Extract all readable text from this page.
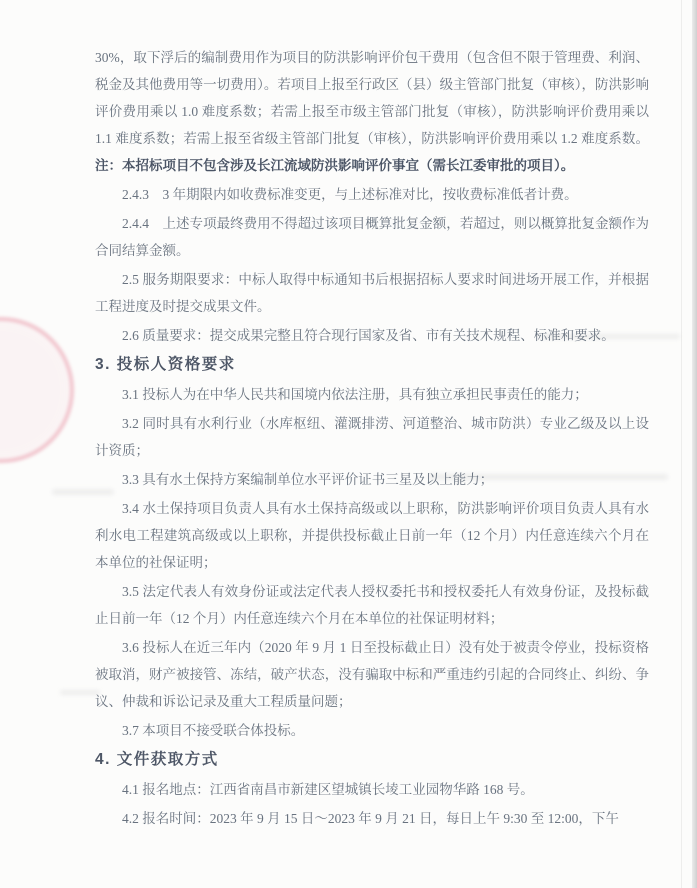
30%，取下浮后的编制费用作为项目的防洪影响评价包干费用（包含但不限于管理费、利润、税金及其他费用等一切费用）。若项目上报至行政区（县）级主管部门批复（审核），防洪影响评价费用乘以 1.0 难度系数；若需上报至市级主管部门批复（审核），防洪影响评价费用乘以 1.1 难度系数；若需上报至省级主管部门批复（审核），防洪影响评价费用乘以 1.2 难度系数。注：本招标项目不包含涉及长江流域防洪影响评价事宜（需长江委审批的项目）。

2.4.3　3 年期限内如收费标准变更，与上述标准对比，按收费标准低者计费。

2.4.4　上述专项最终费用不得超过该项目概算批复金额，若超过，则以概算批复金额作为合同结算金额。

2.5 服务期限要求：中标人取得中标通知书后根据招标人要求时间进场开展工作，并根据工程进度及时提交成果文件。

2.6 质量要求：提交成果完整且符合现行国家及省、市有关技术规程、标准和要求。

3. 投标人资格要求

3.1 投标人为在中华人民共和国境内依法注册，具有独立承担民事责任的能力；

3.2 同时具有水利行业（水库枢纽、灌溉排涝、河道整治、城市防洪）专业乙级及以上设计资质；

3.3 具有水土保持方案编制单位水平评价证书三星及以上能力；

3.4 水土保持项目负责人具有水土保持高级或以上职称，防洪影响评价项目负责人具有水利水电工程建筑高级或以上职称，并提供投标截止日前一年（12 个月）内任意连续六个月在本单位的社保证明；

3.5 法定代表人有效身份证或法定代表人授权委托书和授权委托人有效身份证，及投标截止日前一年（12 个月）内任意连续六个月在本单位的社保证明材料；

3.6 投标人在近三年内（2020 年 9 月 1 日至投标截止日）没有处于被责令停业，投标资格被取消，财产被接管、冻结，破产状态，没有骗取中标和严重违约引起的合同终止、纠纷、争议、仲裁和诉讼记录及重大工程质量问题；

3.7 本项目不接受联合体投标。

4. 文件获取方式

4.1 报名地点：江西省南昌市新建区望城镇长堎工业园物华路 168 号。

4.2 报名时间：2023 年 9 月 15 日～2023 年 9 月 21 日，每日上午 9:30 至 12:00，下午
